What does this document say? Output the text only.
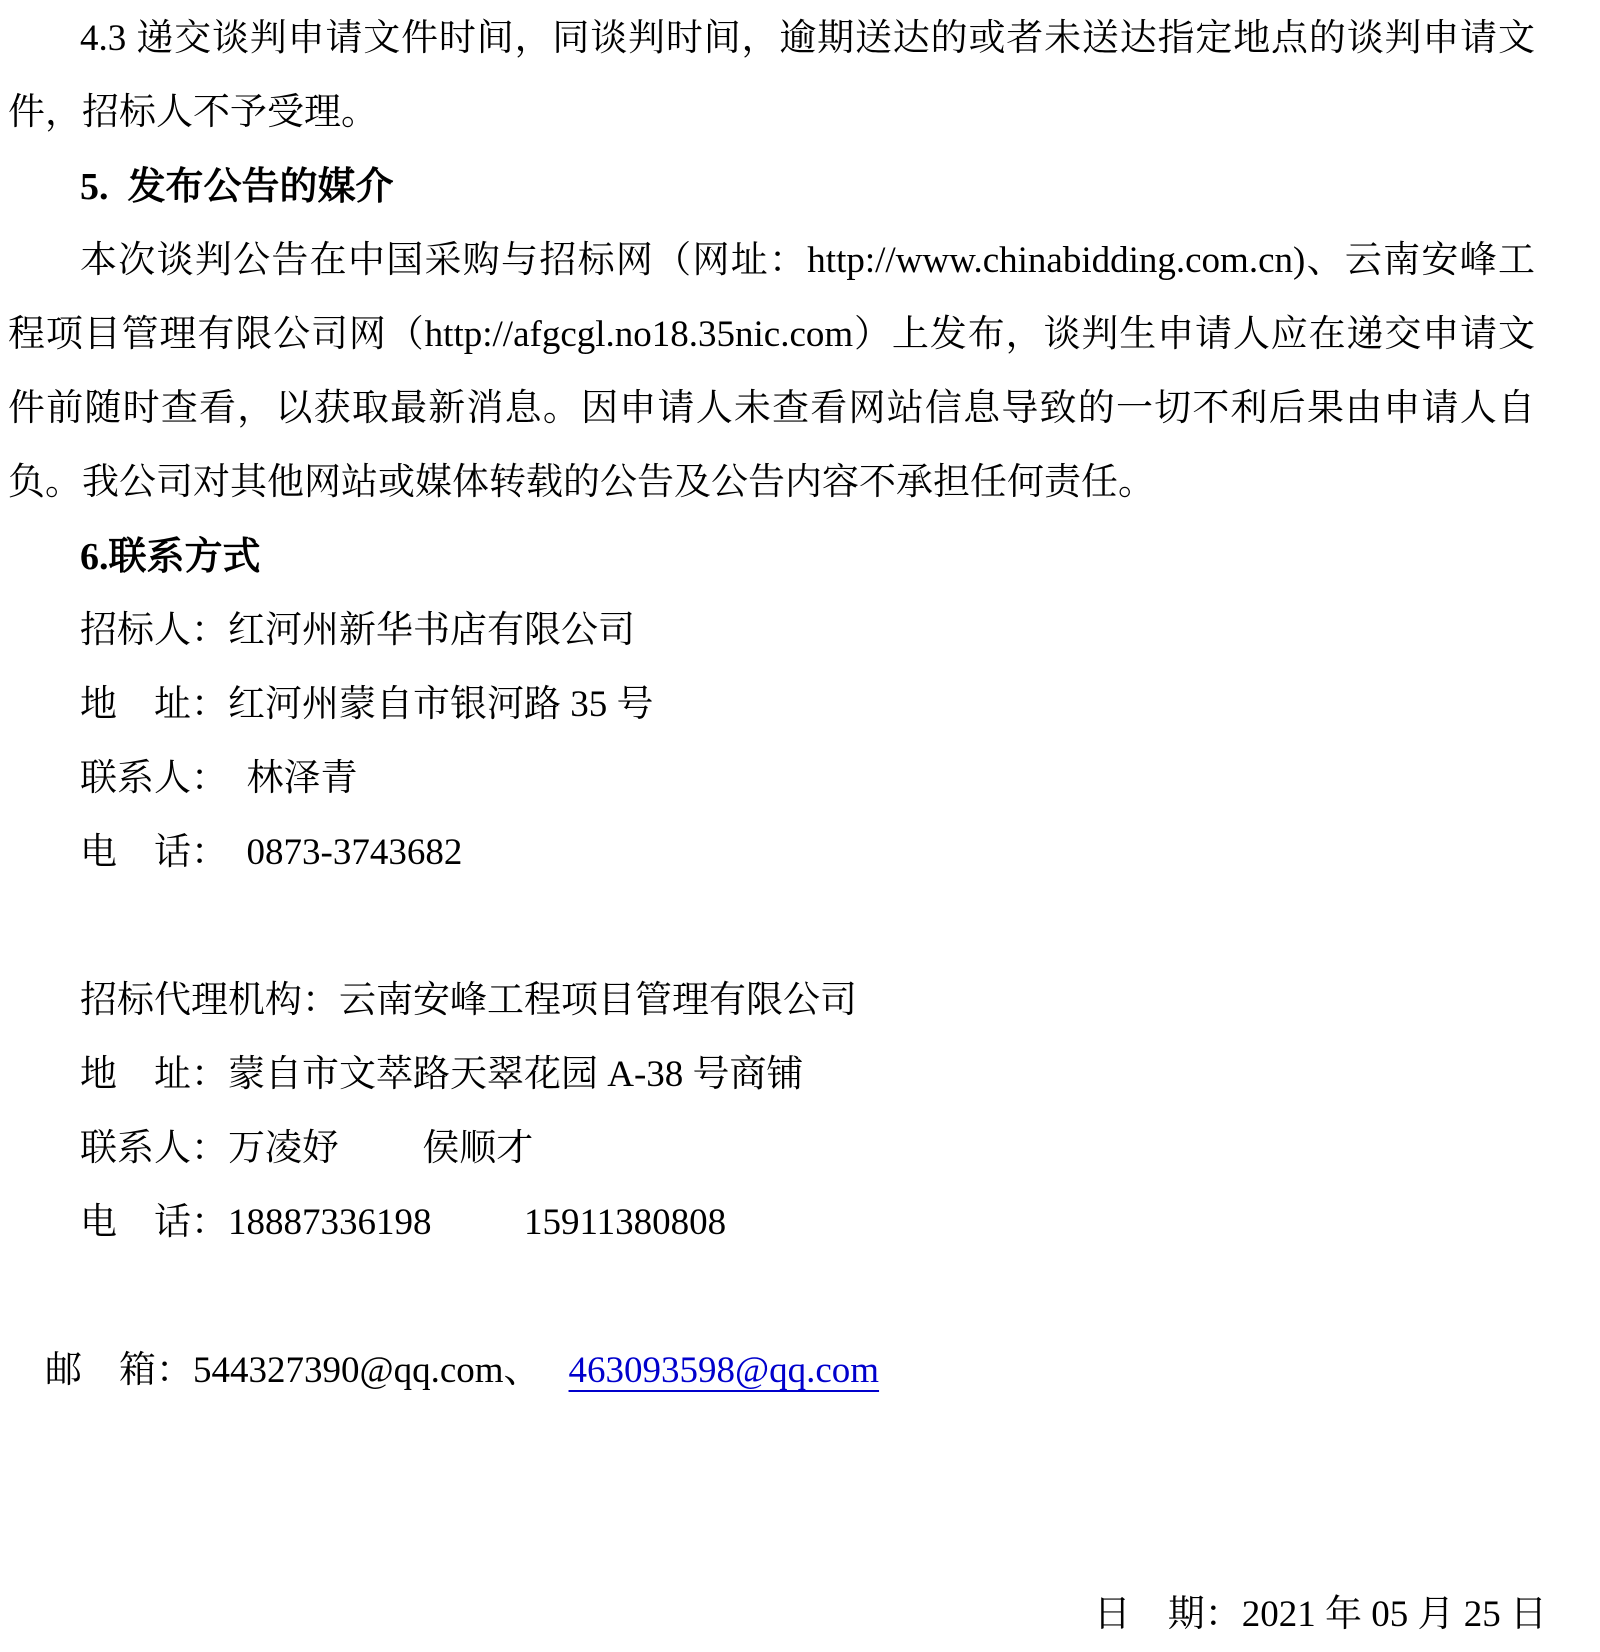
4.3 递交谈判申请文件时间，同谈判时间，逾期送达的或者未送达指定地点的谈判申请文件，招标人不予受理。

5.  发布公告的媒介

本次谈判公告在中国采购与招标网（网址：http://www.chinabidding.com.cn)、云南安峰工程项目管理有限公司网（http://afgcgl.no18.35nic.com）上发布，谈判生申请人应在递交申请文件前随时查看，以获取最新消息。因申请人未查看网站信息导致的一切不利后果由申请人自负。我公司对其他网站或媒体转载的公告及公告内容不承担任何责任。

6.联系方式

招标人：红河州新华书店有限公司

地　址：红河州蒙自市银河路 35 号

联系人：　林泽青

电　话：　0873-3743682

招标代理机构：云南安峰工程项目管理有限公司

地　址：蒙自市文萃路天翠花园 A-38 号商铺

联系人：万凌妤　　 侯顺才

电　话：18887336198　　  15911380808

邮　箱：544327390@qq.com、 463093598@qq.com

日　期：2021 年 05 月 25 日
